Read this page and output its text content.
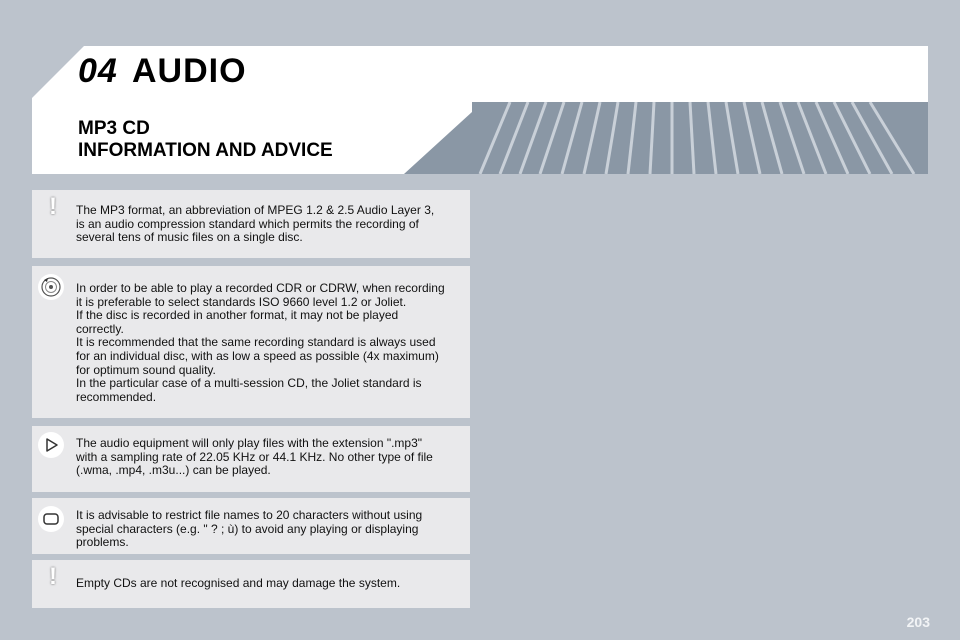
04 AUDIO
MP3 CD
INFORMATION AND ADVICE
!	The MP3 format, an abbreviation of MPEG 1.2 & 2.5 Audio Layer 3,
is an audio compression standard which permits the recording of
several tens of music files on a single disc.
In order to be able to play a recorded CDR or CDRW, when recording
it is preferable to select standards ISO 9660 level 1.2 or Joliet.
If the disc is recorded in another format, it may not be played
correctly.
It is recommended that the same recording standard is always used
for an individual disc, with as low a speed as possible (4x maximum)
for optimum sound quality.
In the particular case of a multi-session CD, the Joliet standard is
recommended.
The audio equipment will only play files with the extension ".mp3"
with a sampling rate of 22.05 KHz or 44.1 KHz. No other type of file
(.wma, .mp4, .m3u...) can be played.
It is advisable to restrict file names to 20 characters without using
special characters (e.g. " ? ; ù) to avoid any playing or displaying
problems.
!	Empty CDs are not recognised and may damage the system.
203
